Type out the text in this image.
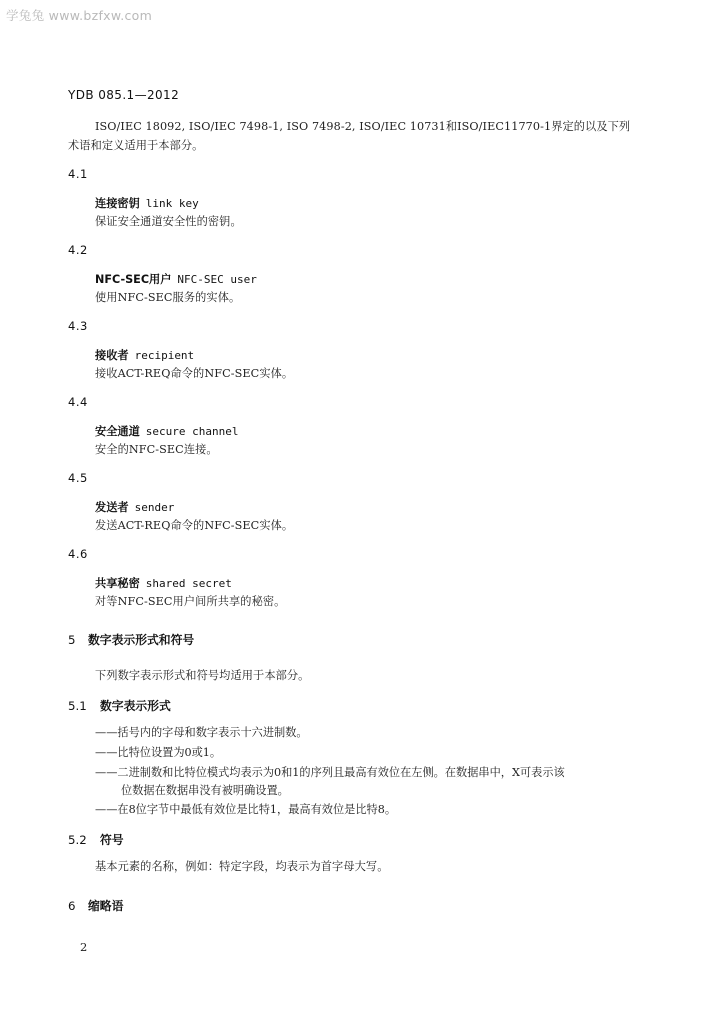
学兔兔 www.bzfxw.com
YDB 085.1—2012
ISO/IEC 18092, ISO/IEC 7498-1, ISO 7498-2, ISO/IEC 10731和ISO/IEC11770-1界定的以及下列
术语和定义适用于本部分。
4.1
连接密钥 link key
保证安全通道安全性的密钥。
4.2
NFC-SEC用户 NFC-SEC user
使用NFC-SEC服务的实体。
4.3
接收者 recipient
接收ACT-REQ命令的NFC-SEC实体。
4.4
安全通道 secure channel
安全的NFC-SEC连接。
4.5
发送者 sender
发送ACT-REQ命令的NFC-SEC实体。
4.6
共享秘密 shared secret
对等NFC-SEC用户间所共享的秘密。
5 数字表示形式和符号
下列数字表示形式和符号均适用于本部分。
5.1 数字表示形式
——括号内的字母和数字表示十六进制数。
——比特位设置为0或1。
——二进制数和比特位模式均表示为0和1的序列且最高有效位在左侧。在数据串中，X可表示该
位数据在数据串没有被明确设置。
——在8位字节中最低有效位是比特1，最高有效位是比特8。
5.2 符号
基本元素的名称，例如：特定字段，均表示为首字母大写。
6 缩略语
2
